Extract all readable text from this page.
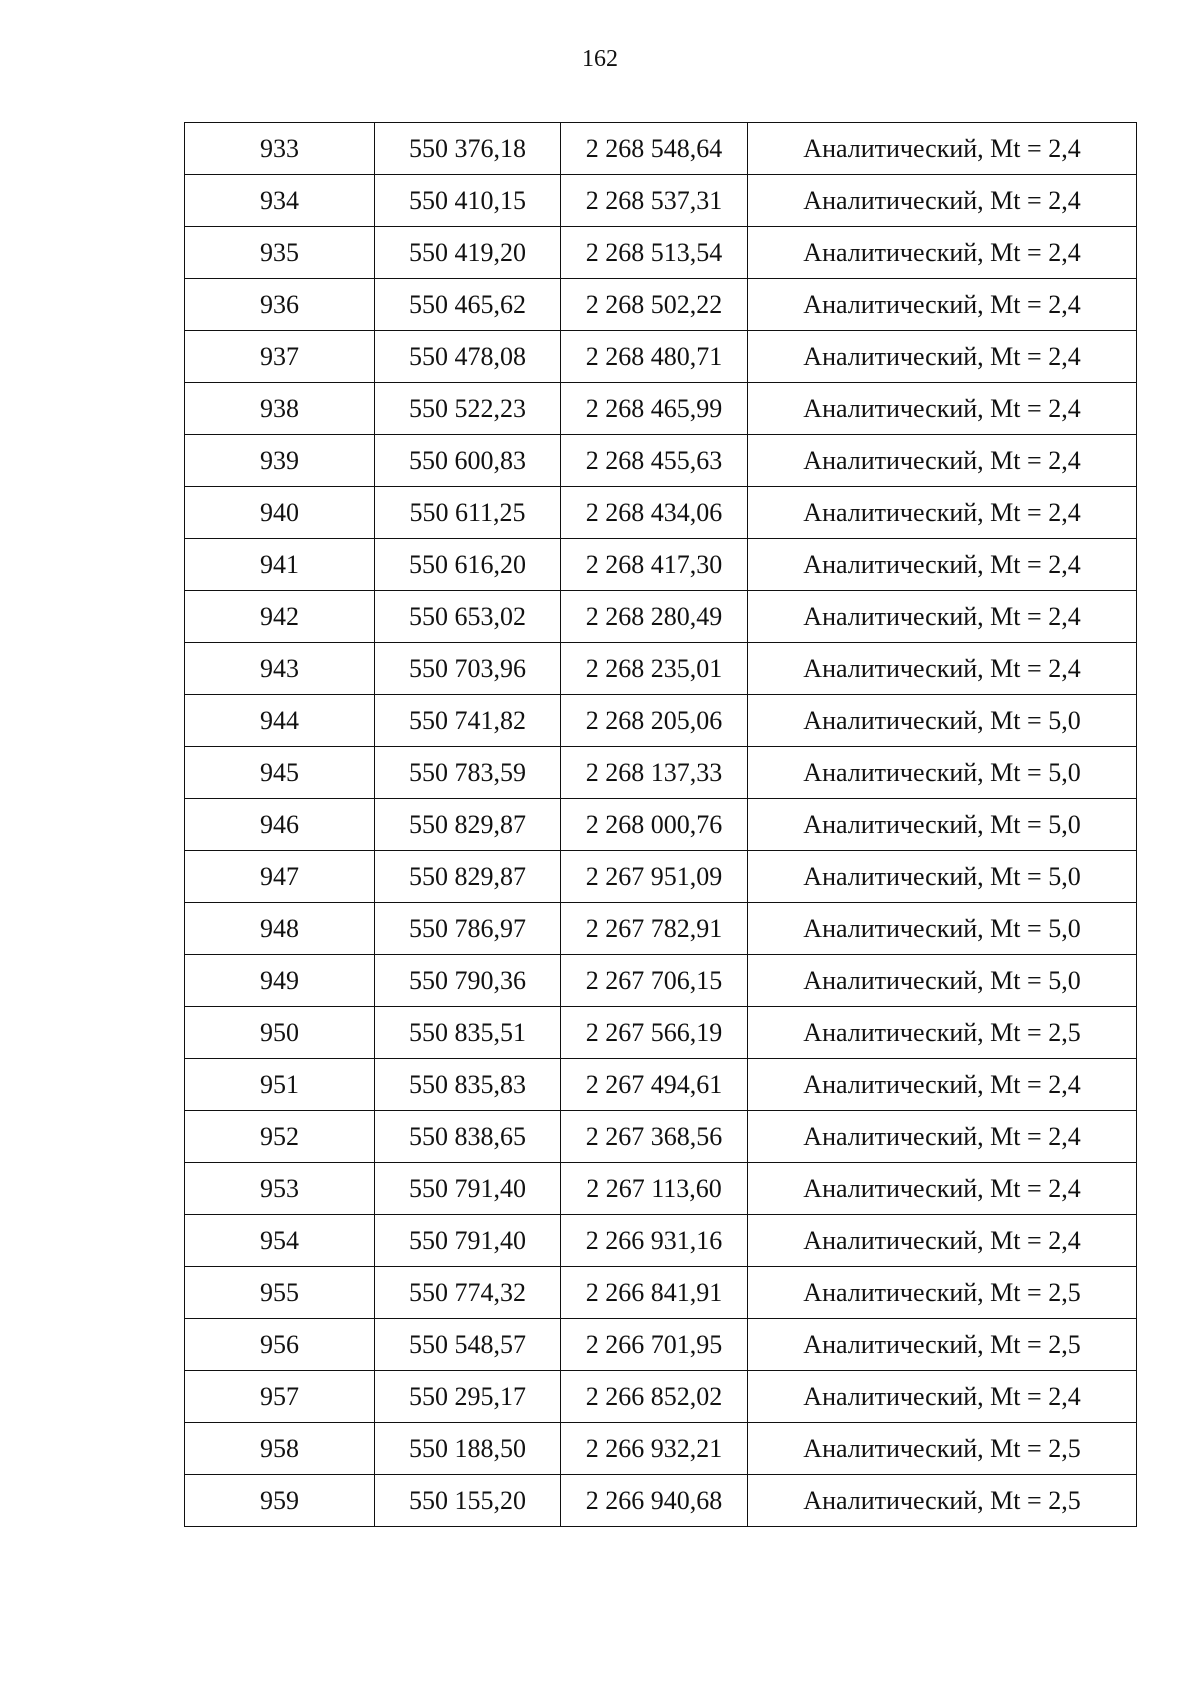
162
933	550 376,18	2 268 548,64	Аналитический, Mt = 2,4
934	550 410,15	2 268 537,31	Аналитический, Mt = 2,4
935	550 419,20	2 268 513,54	Аналитический, Mt = 2,4
936	550 465,62	2 268 502,22	Аналитический, Mt = 2,4
937	550 478,08	2 268 480,71	Аналитический, Mt = 2,4
938	550 522,23	2 268 465,99	Аналитический, Mt = 2,4
939	550 600,83	2 268 455,63	Аналитический, Mt = 2,4
940	550 611,25	2 268 434,06	Аналитический, Mt = 2,4
941	550 616,20	2 268 417,30	Аналитический, Mt = 2,4
942	550 653,02	2 268 280,49	Аналитический, Mt = 2,4
943	550 703,96	2 268 235,01	Аналитический, Mt = 2,4
944	550 741,82	2 268 205,06	Аналитический, Mt = 5,0
945	550 783,59	2 268 137,33	Аналитический, Mt = 5,0
946	550 829,87	2 268 000,76	Аналитический, Mt = 5,0
947	550 829,87	2 267 951,09	Аналитический, Mt = 5,0
948	550 786,97	2 267 782,91	Аналитический, Mt = 5,0
949	550 790,36	2 267 706,15	Аналитический, Mt = 5,0
950	550 835,51	2 267 566,19	Аналитический, Mt = 2,5
951	550 835,83	2 267 494,61	Аналитический, Mt = 2,4
952	550 838,65	2 267 368,56	Аналитический, Mt = 2,4
953	550 791,40	2 267 113,60	Аналитический, Mt = 2,4
954	550 791,40	2 266 931,16	Аналитический, Mt = 2,4
955	550 774,32	2 266 841,91	Аналитический, Mt = 2,5
956	550 548,57	2 266 701,95	Аналитический, Mt = 2,5
957	550 295,17	2 266 852,02	Аналитический, Mt = 2,4
958	550 188,50	2 266 932,21	Аналитический, Mt = 2,5
959	550 155,20	2 266 940,68	Аналитический, Mt = 2,5
